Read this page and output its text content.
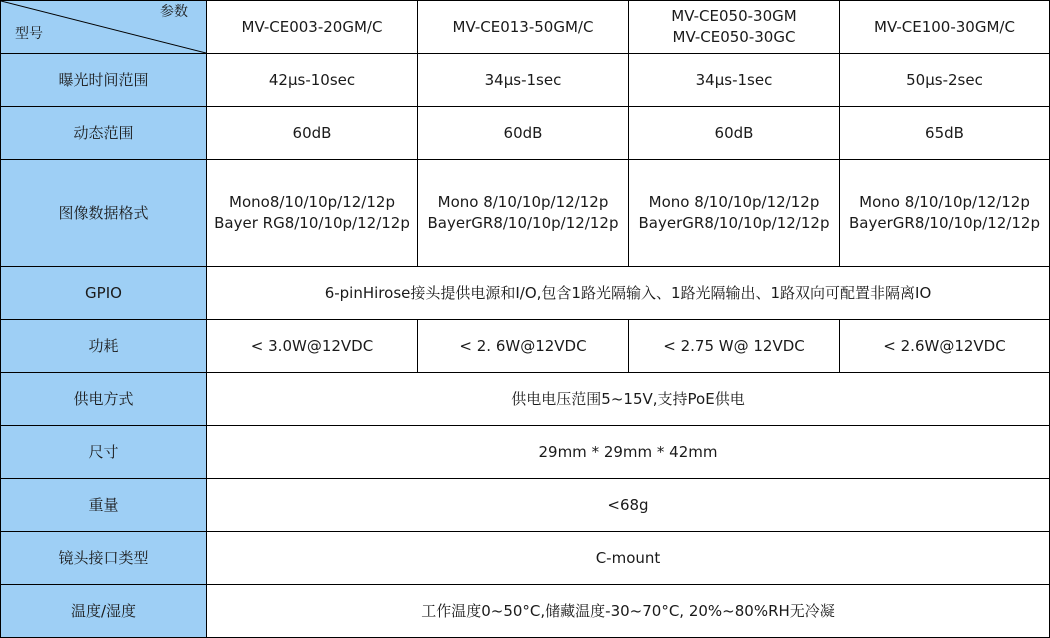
参数
型号	MV-CE003-20GM/C	MV-CE013-50GM/C	MV-CE050-30GM
MV-CE050-30GC	MV-CE100-30GM/C

曝光时间范围	42μs-10sec	34μs-1sec	34μs-1sec	50μs-2sec
动态范围	60dB	60dB	60dB	65dB
图像数据格式	Mono8/10/10p/12/12p
Bayer RG8/10/10p/12/12p	Mono 8/10/10p/12/12p
BayerGR8/10/10p/12/12p	Mono 8/10/10p/12/12p
BayerGR8/10/10p/12/12p	Mono 8/10/10p/12/12p
BayerGR8/10/10p/12/12p

GPIO	6-pinHirose接头提供电源和I/O,包含1路光隔输入、1路光隔输出、1路双向可配置非隔离IO			
功耗	< 3.0W@12VDC	< 2. 6W@12VDC	< 2.75 W@ 12VDC	< 2.6W@12VDC
供电方式	供电电压范围5~15V,支持PoE供电			
尺寸	29mm * 29mm * 42mm			
重量	<68g			
镜头接口类型	C-mount			
温度/湿度	工作温度0~50°C,储藏温度-30~70°C, 20%~80%RH无冷凝			
